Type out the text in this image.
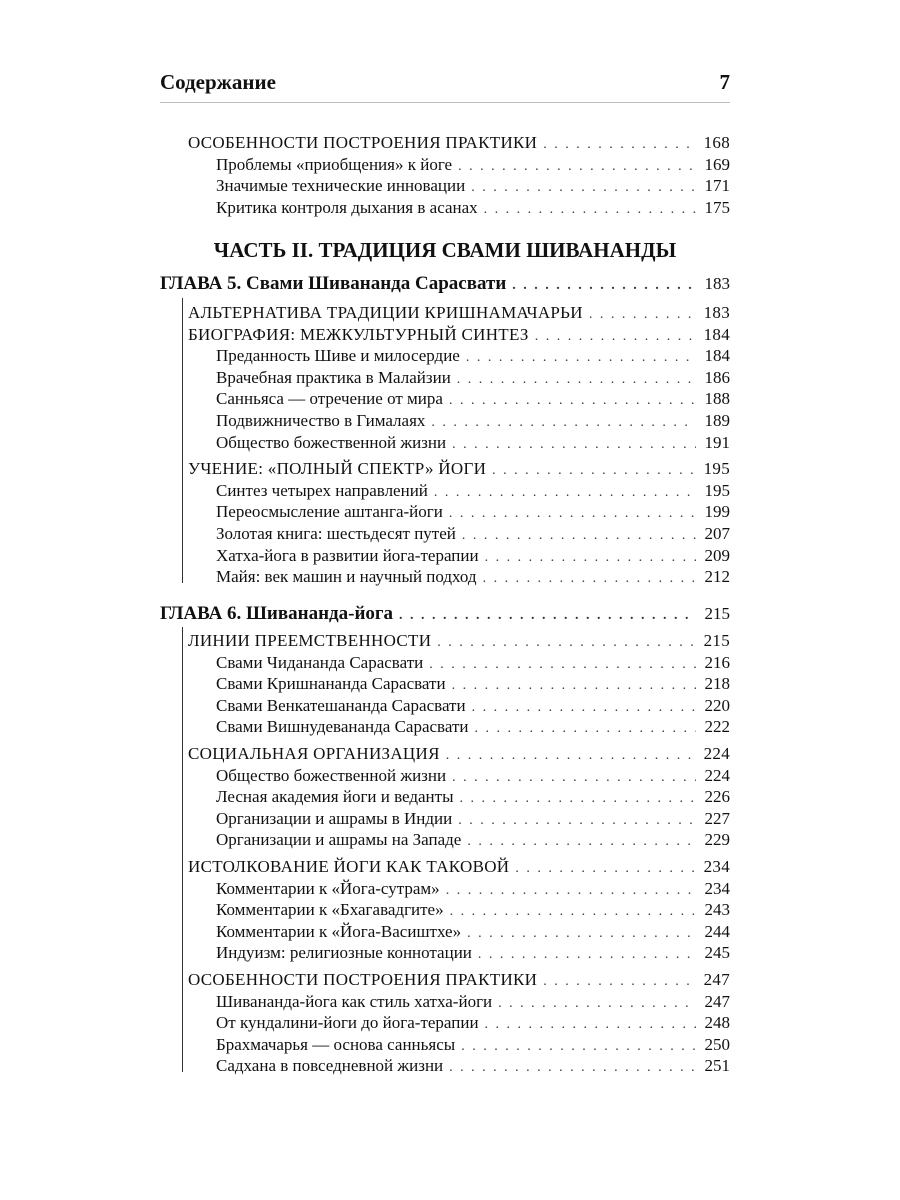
Содержание	7
ОСОБЕННОСТИ ПОСТРОЕНИЯ ПРАКТИКИ . . .	168
Проблемы «приобщения» к йоге . . .	169
Значимые технические инновации . . .	171
Критика контроля дыхания в асанах . . .	175
ГЛАВА 5. Свами Шивананда Сарасвати . . .	183
АЛЬТЕРНАТИВА ТРАДИЦИИ КРИШНАМАЧАРЬИ . . .	183
БИОГРАФИЯ: МЕЖКУЛЬТУРНЫЙ СИНТЕЗ . . .	184
Преданность Шиве и милосердие . . .	184
Врачебная практика в Малайзии . . .	186
Санньяса — отречение от мира . . .	188
Подвижничество в Гималаях . . .	189
Общество божественной жизни . . .	191
УЧЕНИЕ: «ПОЛНЫЙ СПЕКТР» ЙОГИ . . .	195
Синтез четырех направлений . . .	195
Переосмысление аштанга-йоги . . .	199
Золотая книга: шестьдесят путей . . .	207
Хатха-йога в развитии йога-терапии . . .	209
Майя: век машин и научный подход . . .	212
ГЛАВА 6. Шивананда-йога . . .	215
ЛИНИИ ПРЕЕМСТВЕННОСТИ . . .	215
Свами Чидананда Сарасвати . . .	216
Свами Кришнананда Сарасвати . . .	218
Свами Венкатешананда Сарасвати . . .	220
Свами Вишнудевананда Сарасвати . . .	222
СОЦИАЛЬНАЯ ОРГАНИЗАЦИЯ . . .	224
Общество божественной жизни . . .	224
Лесная академия йоги и веданты . . .	226
Организации и ашрамы в Индии . . .	227
Организации и ашрамы на Западе . . .	229
ИСТОЛКОВАНИЕ ЙОГИ КАК ТАКОВОЙ . . .	234
Комментарии к «Йога-сутрам» . . .	234
Комментарии к «Бхагавадгите» . . .	243
Комментарии к «Йога-Васиштхе» . . .	244
Индуизм: религиозные коннотации . . .	245
ОСОБЕННОСТИ ПОСТРОЕНИЯ ПРАКТИКИ . . .	247
Шивананда-йога как стиль хатха-йоги . . .	247
От кундалини-йоги до йога-терапии . . .	248
Брахмачарья — основа санньясы . . .	250
Садхана в повседневной жизни . . .	251
ЧАСТЬ II. ТРАДИЦИЯ СВАМИ ШИВАНАНДЫ
